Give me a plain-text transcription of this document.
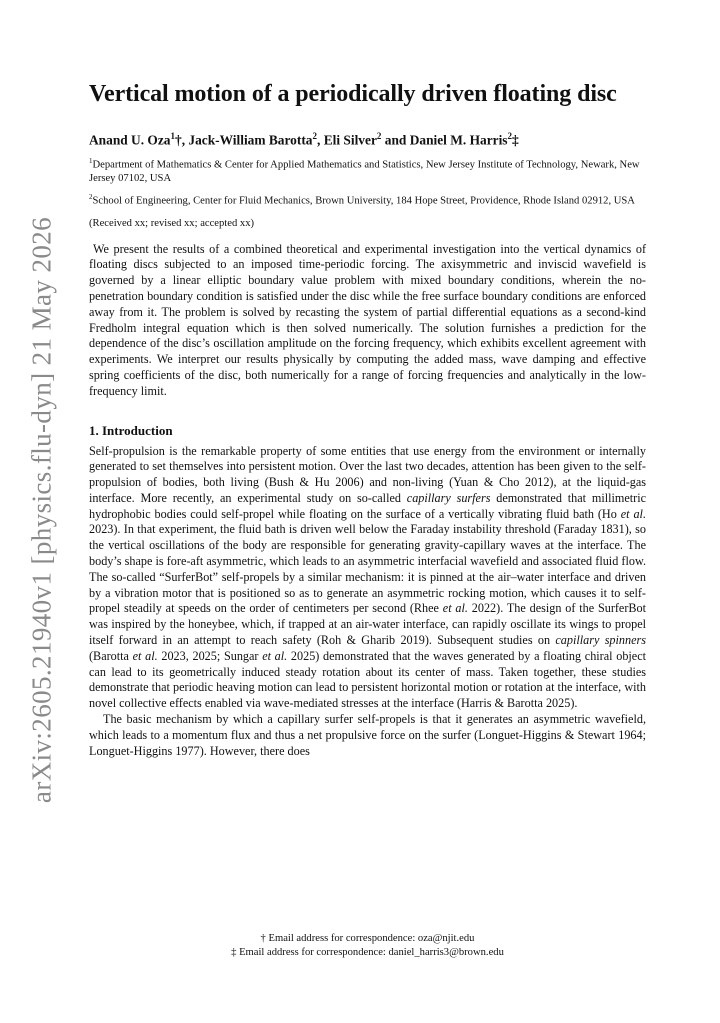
arXiv:2605.21940v1 [physics.flu-dyn] 21 May 2026
Vertical motion of a periodically driven floating disc
Anand U. Oza$^1$†, Jack-William Barotta$^2$, Eli Silver$^2$ and Daniel M. Harris$^2$‡
$^1$Department of Mathematics & Center for Applied Mathematics and Statistics, New Jersey Institute of Technology, Newark, New Jersey 07102, USA
$^2$School of Engineering, Center for Fluid Mechanics, Brown University, 184 Hope Street, Providence, Rhode Island 02912, USA
(Received xx; revised xx; accepted xx)
We present the results of a combined theoretical and experimental investigation into the vertical dynamics of floating discs subjected to an imposed time-periodic forcing. The axisymmetric and inviscid wavefield is governed by a linear elliptic boundary value problem with mixed boundary conditions, wherein the no-penetration boundary condition is satisfied under the disc while the free surface boundary conditions are enforced away from it. The problem is solved by recasting the system of partial differential equations as a second-kind Fredholm integral equation which is then solved numerically. The solution furnishes a prediction for the dependence of the disc’s oscillation amplitude on the forcing frequency, which exhibits excellent agreement with experiments. We interpret our results physically by computing the added mass, wave damping and effective spring coefficients of the disc, both numerically for a range of forcing frequencies and analytically in the low-frequency limit.
1. Introduction

Self-propulsion is the remarkable property of some entities that use energy from the environment or internally generated to set themselves into persistent motion. Over the last two decades, attention has been given to the self-propulsion of bodies, both living (Bush & Hu 2006) and non-living (Yuan & Cho 2012), at the liquid-gas interface. More recently, an experimental study on so-called capillary surfers demonstrated that millimetric hydrophobic bodies could self-propel while floating on the surface of a vertically vibrating fluid bath (Ho et al. 2023). In that experiment, the fluid bath is driven well below the Faraday instability threshold (Faraday 1831), so the vertical oscillations of the body are responsible for generating gravity-capillary waves at the interface. The body’s shape is fore-aft asymmetric, which leads to an asymmetric interfacial wavefield and associated fluid flow. The so-called “SurferBot” self-propels by a similar mechanism: it is pinned at the air–water interface and driven by a vibration motor that is positioned so as to generate an asymmetric rocking motion, which causes it to self-propel steadily at speeds on the order of centimeters per second (Rhee et al. 2022). The design of the SurferBot was inspired by the honeybee, which, if trapped at an air-water interface, can rapidly oscillate its wings to propel itself forward in an attempt to reach safety (Roh & Gharib 2019). Subsequent studies on capillary spinners (Barotta et al. 2023, 2025; Sungar et al. 2025) demonstrated that the waves generated by a floating chiral object can lead to its geometrically induced steady rotation about its center of mass. Taken together, these studies demonstrate that periodic heaving motion can lead to persistent horizontal motion or rotation at the interface, with novel collective effects enabled via wave-mediated stresses at the interface (Harris & Barotta 2025).

The basic mechanism by which a capillary surfer self-propels is that it generates an asymmetric wavefield, which leads to a momentum flux and thus a net propulsive force on the surfer (Longuet-Higgins & Stewart 1964; Longuet-Higgins 1977). However, there does

† Email address for correspondence: oza@njit.edu
‡ Email address for correspondence: daniel_harris3@brown.edu
